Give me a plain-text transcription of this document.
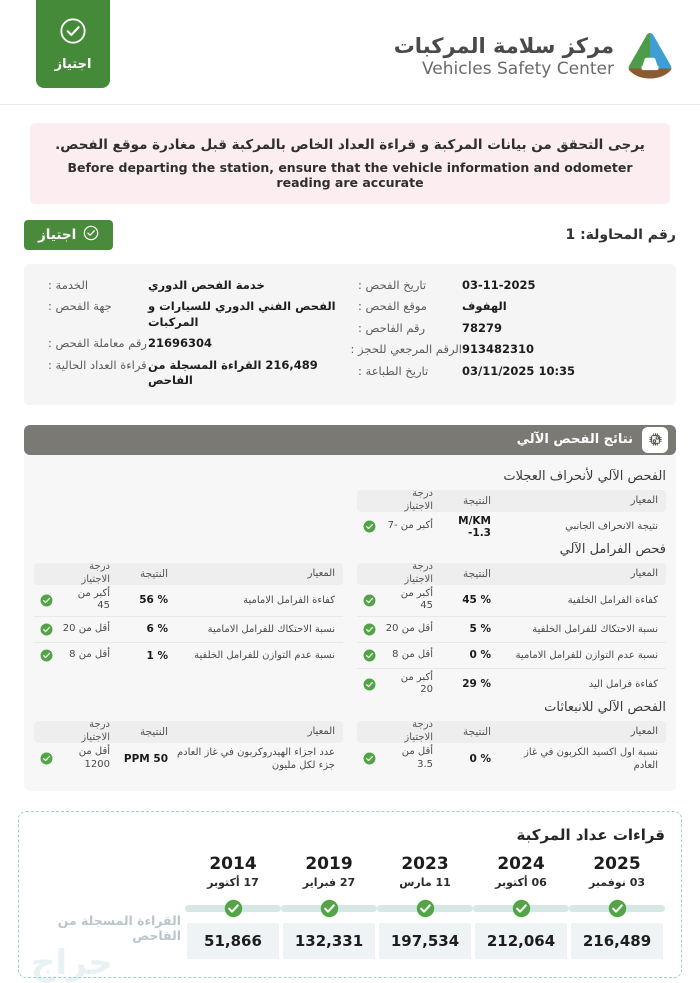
مركز سلامة المركبات
Vehicles Safety Center
اجتياز
يرجى التحقق من بيانات المركبة و قراءة العداد الخاص بالمركبة قبل مغادرة موقع الفحص.
Before departing the station, ensure that the vehicle information and odometer reading are accurate
رقم المحاولة: 1
اجتياز
03-11-2025
تاريخ الفحص :
الهفوف
موقع الفحص :
78279
رقم الفاحص :
913482310
الرقم المرجعي للحجز :
10:35 03/11/2025
تاريخ الطباعة :
خدمة الفحص الدوري
الخدمة :
الفحص الفني الدوري للسيارات و المركبات
جهة الفحص :
21696304
رقم معاملة الفحص :
216,489 القراءة المسجلة من الفاحص
قراءة العداد الحالية :
نتائج الفحص الآلي
الفحص الآلي لأنحراف العجلات
المعيار
النتيجة
درجة الاجتياز
نتيجة الانحراف الجانبي
M/KM 1.3-
أكبر من -7
فحص الفرامل الآلي
المعيار
النتيجة
درجة الاجتياز
كفاءة الفرامل الخلفية
% 45
أكبر من 45
نسبة الاحتكاك للفرامل الخلفية
% 5
أقل من 20
نسبة عدم التوازن للفرامل الامامية
% 0
أقل من 8
كفاءة فرامل اليد
% 29
أكبر من 20
المعيار
النتيجة
درجة الاجتياز
كفاءة الفرامل الامامية
% 56
أكبر من 45
نسبة الاحتكاك للفرامل الامامية
% 6
أقل من 20
نسبة عدم التوازن للفرامل الخلفية
% 1
أقل من 8
الفحص الآلي للانبعاثات
المعيار
النتيجة
درجة الاجتياز
نسبة اول اكسيد الكربون في غاز العادم
% 0
أقل من 3.5
المعيار
النتيجة
درجة الاجتياز
عدد اجزاء الهيدروكربون في غاز العادم جزء لكل مليون
PPM 50
أقل من 1200
قراءات عداد المركبة
القراءة المسجلة من الفاحص
2014
17 أكتوبر
51,866
2019
27 فبراير
132,331
2023
11 مارس
197,534
2024
06 أكتوبر
212,064
2025
03 نوفمبر
216,489
حراج
